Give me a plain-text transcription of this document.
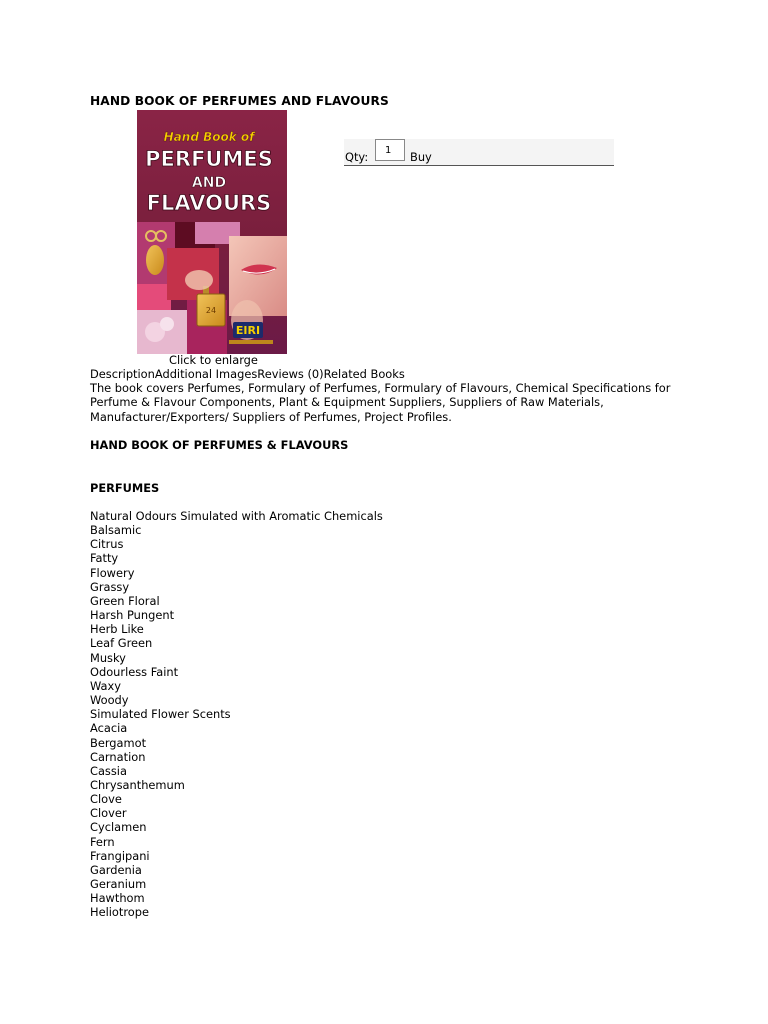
HAND BOOK OF PERFUMES AND FLAVOURS
Hand Book of
PERFUMES
AND
FLAVOURS
24
EIRI
Click to enlarge
Qty:
1	Buy
DescriptionAdditional ImagesReviews (0)Related Books
The book covers Perfumes, Formulary of Perfumes, Formulary of Flavours, Chemical Specifications for Perfume & Flavour Components, Plant & Equipment Suppliers, Suppliers of Raw Materials, Manufacturer/Exporters/ Suppliers of Perfumes, Project Profiles.
HAND BOOK OF PERFUMES & FLAVOURS
PERFUMES
Natural Odours Simulated with Aromatic Chemicals
Balsamic
Citrus
Fatty
Flowery
Grassy
Green Floral
Harsh Pungent
Herb Like
Leaf Green
Musky
Odourless Faint
Waxy
Woody
Simulated Flower Scents
Acacia
Bergamot
Carnation
Cassia
Chrysanthemum
Clove
Clover
Cyclamen
Fern
Frangipani
Gardenia
Geranium
Hawthom
Heliotrope
